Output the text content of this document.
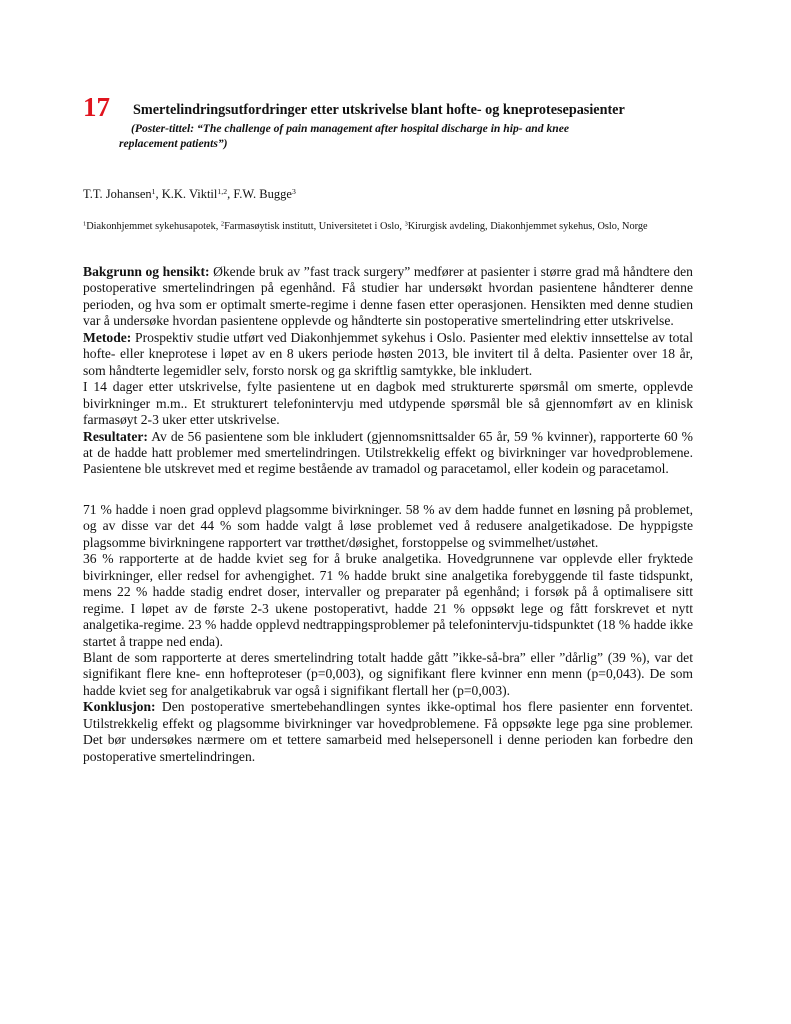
17 Smertelindringsutfordringer etter utskrivelse blant hofte- og kneprotesepasienter
(Poster-tittel: “The challenge of pain management after hospital discharge in hip- and knee
replacement patients”)
T.T. Johansen$^1$, K.K. Viktil$^{1,2}$, F.W. Bugge$^3$
$^1$Diakonhjemmet sykehusapotek, $^2$Farmasøytisk institutt, Universitetet i Oslo, $^3$Kirurgisk avdeling, Diakonhjemmet sykehus, Oslo, Norge

Bakgrunn og hensikt: Økende bruk av ”fast track surgery” medfører at pasienter i større grad må håndtere den postoperative smertelindringen på egenhånd. Få studier har undersøkt hvordan pasientene håndterer denne perioden, og hva som er optimalt smerte-regime i denne fasen etter operasjonen. Hensikten med denne studien var å undersøke hvordan pasientene opplevde og håndterte sin postoperative smertelindring etter utskrivelse.

Metode: Prospektiv studie utført ved Diakonhjemmet sykehus i Oslo. Pasienter med elektiv innsettelse av total hofte- eller kneprotese i løpet av en 8 ukers periode høsten 2013, ble invitert til å delta. Pasienter over 18 år, som håndterte legemidler selv, forsto norsk og ga skriftlig samtykke, ble inkludert.

I 14 dager etter utskrivelse, fylte pasientene ut en dagbok med strukturerte spørsmål om smerte, opplevde bivirkninger m.m.. Et strukturert telefonintervju med utdypende spørsmål ble så gjennomført av en klinisk farmasøyt 2-3 uker etter utskrivelse.

Resultater: Av de 56 pasientene som ble inkludert (gjennomsnittsalder 65 år, 59 % kvinner), rapporterte 60 % at de hadde hatt problemer med smertelindringen. Utilstrekkelig effekt og bivirkninger var hovedproblemene. Pasientene ble utskrevet med et regime bestående av tramadol og paracetamol, eller kodein og paracetamol.

71 % hadde i noen grad opplevd plagsomme bivirkninger. 58 % av dem hadde funnet en løsning på problemet, og av disse var det 44 % som hadde valgt å løse problemet ved å redusere analgetikadose. De hyppigste plagsomme bivirkningene rapportert var trøtthet/døsighet, forstoppelse og svimmelhet/ustøhet.

36 % rapporterte at de hadde kviet seg for å bruke analgetika. Hovedgrunnene var opplevde eller fryktede bivirkninger, eller redsel for avhengighet. 71 % hadde brukt sine analgetika forebyggende til faste tidspunkt, mens 22 % hadde stadig endret doser, intervaller og preparater på egenhånd; i forsøk på å optimalisere sitt regime. I løpet av de første 2-3 ukene postoperativt, hadde 21 % oppsøkt lege og fått forskrevet et nytt analgetika-regime. 23 % hadde opplevd nedtrappingsproblemer på telefonintervju-tidspunktet (18 % hadde ikke startet å trappe ned enda).

Blant de som rapporterte at deres smertelindring totalt hadde gått ”ikke-så-bra” eller ”dårlig” (39 %), var det signifikant flere kne- enn hofteproteser (p=0,003), og signifikant flere kvinner enn menn (p=0,043). De som hadde kviet seg for analgetikabruk var også i signifikant flertall her (p=0,003).

Konklusjon: Den postoperative smertebehandlingen syntes ikke-optimal hos flere pasienter enn forventet. Utilstrekkelig effekt og plagsomme bivirkninger var hovedproblemene. Få oppsøkte lege pga sine problemer. Det bør undersøkes nærmere om et tettere samarbeid med helsepersonell i denne perioden kan forbedre den postoperative smertelindringen.
